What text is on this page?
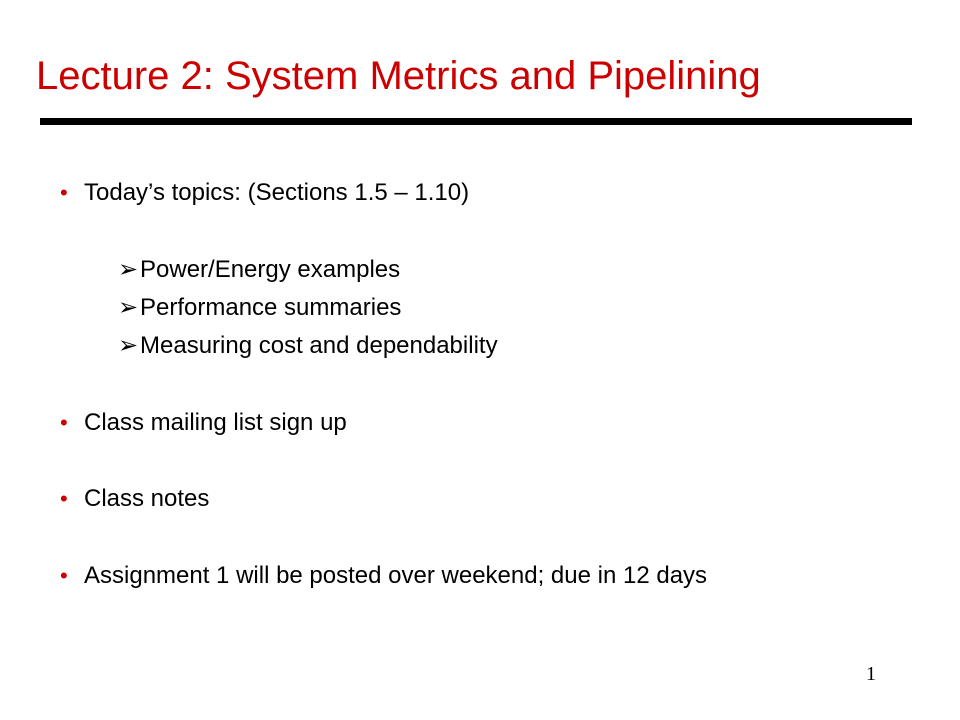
Lecture 2: System Metrics and Pipelining
• Today’s topics: (Sections 1.5 – 1.10)
➢Power/Energy examples
➢Performance summaries
➢Measuring cost and dependability
• Class mailing list sign up
• Class notes
• Assignment 1 will be posted over weekend; due in 12 days
1
